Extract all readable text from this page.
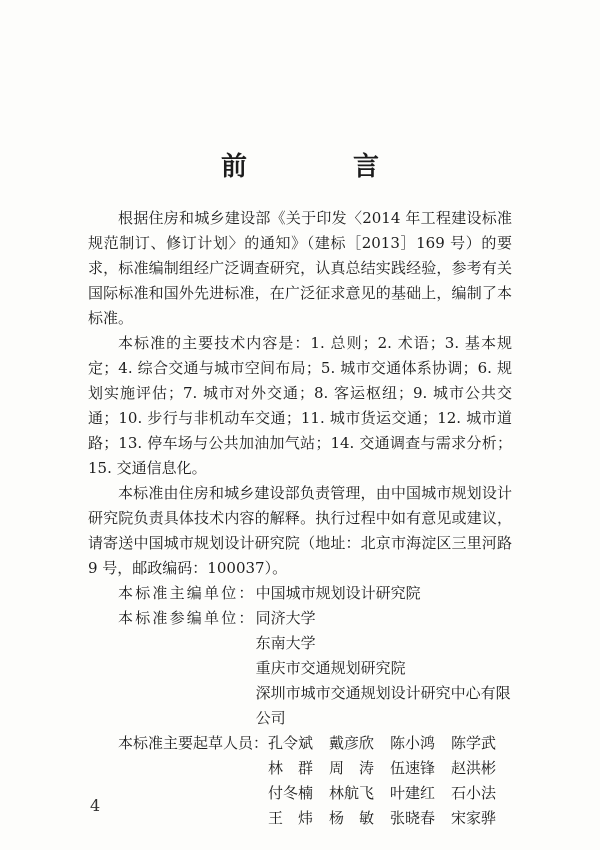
前　言

根据住房和城乡建设部《关于印发〈2014 年工程建设标准规范制订、修订计划〉的通知》（建标［2013］169 号）的要求，标准编制组经广泛调查研究，认真总结实践经验，参考有关国际标准和国外先进标准，在广泛征求意见的基础上，编制了本标准。

本标准的主要技术内容是：1. 总则；2. 术语；3. 基本规定；4. 综合交通与城市空间布局；5. 城市交通体系协调；6. 规划实施评估；7. 城市对外交通；8. 客运枢纽；9. 城市公共交通；10. 步行与非机动车交通；11. 城市货运交通；12. 城市道路；13. 停车场与公共加油加气站；14. 交通调查与需求分析；15. 交通信息化。

本标准由住房和城乡建设部负责管理，由中国城市规划设计研究院负责具体技术内容的解释。执行过程中如有意见或建议，请寄送中国城市规划设计研究院（地址：北京市海淀区三里河路 9 号，邮政编码：100037）。

本标准主编单位： 中国城市规划设计研究院
本标准参编单位： 同济大学
东南大学
重庆市交通规划研究院
深圳市城市交通规划设计研究中心有限公司
本标准主要起草人员： 孔令斌	戴彦欣	陈小鸿	陈学武
林　群	周　涛	伍速锋	赵洪彬
付冬楠	林航飞	叶建红	石小法
王　炜	杨　敏	张晓春	宋家骅
4
